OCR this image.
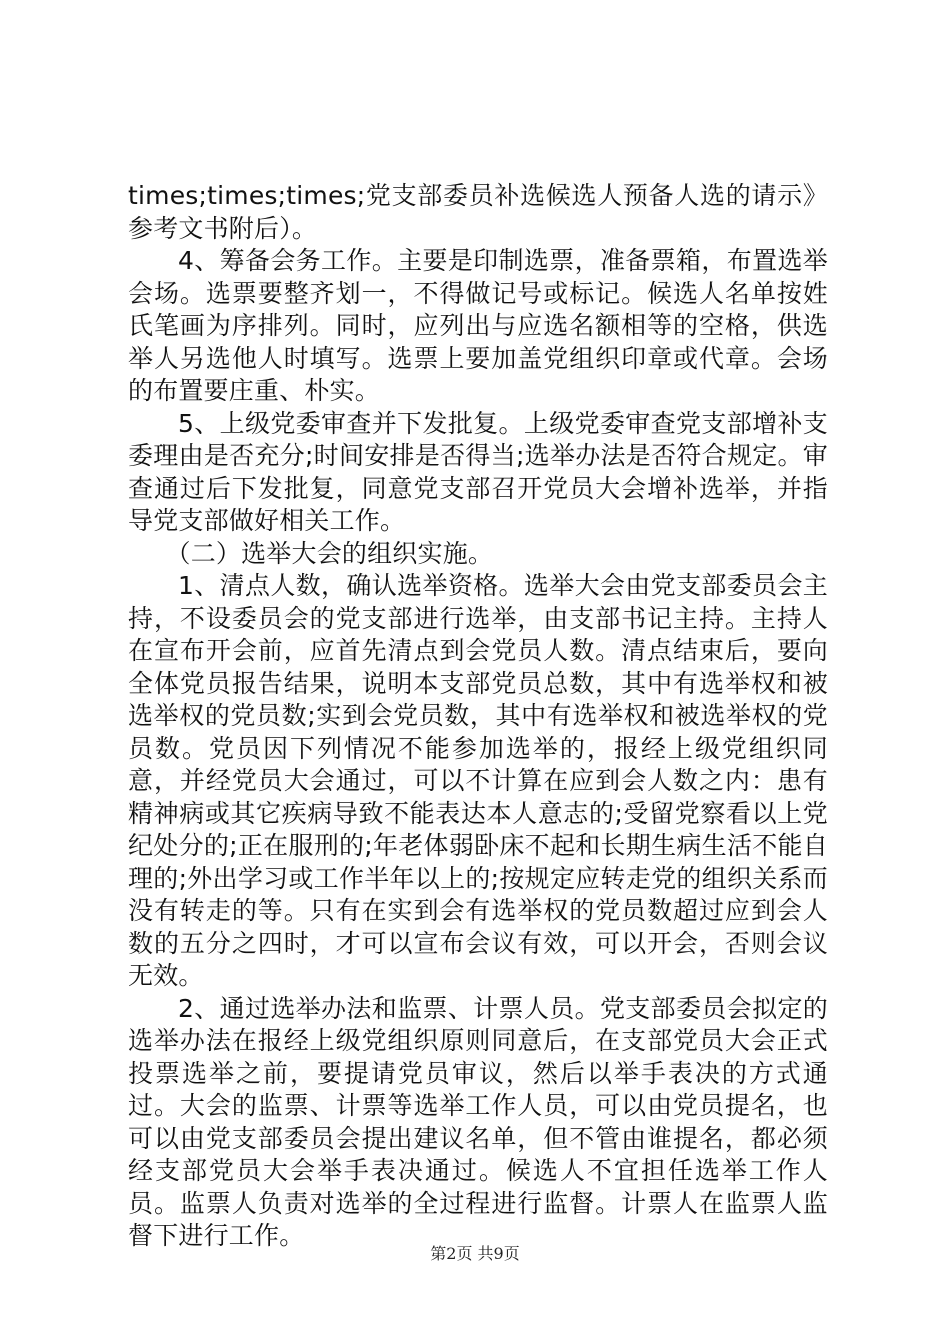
times;times;times;党支部委员补选候选人预备人选的请示》参考文书附后）。

4、筹备会务工作。主要是印制选票，准备票箱，布置选举会场。选票要整齐划一，不得做记号或标记。候选人名单按姓氏笔画为序排列。同时，应列出与应选名额相等的空格，供选举人另选他人时填写。选票上要加盖党组织印章或代章。会场的布置要庄重、朴实。

5、上级党委审查并下发批复。上级党委审查党支部增补支委理由是否充分;时间安排是否得当;选举办法是否符合规定。审查通过后下发批复，同意党支部召开党员大会增补选举，并指导党支部做好相关工作。

（二）选举大会的组织实施。

1、清点人数，确认选举资格。选举大会由党支部委员会主持，不设委员会的党支部进行选举，由支部书记主持。主持人在宣布开会前，应首先清点到会党员人数。清点结束后，要向全体党员报告结果，说明本支部党员总数，其中有选举权和被选举权的党员数;实到会党员数，其中有选举权和被选举权的党员数。党员因下列情况不能参加选举的，报经上级党组织同意，并经党员大会通过，可以不计算在应到会人数之内：患有精神病或其它疾病导致不能表达本人意志的;受留党察看以上党纪处分的;正在服刑的;年老体弱卧床不起和长期生病生活不能自理的;外出学习或工作半年以上的;按规定应转走党的组织关系而没有转走的等。只有在实到会有选举权的党员数超过应到会人数的五分之四时，才可以宣布会议有效，可以开会，否则会议无效。

2、通过选举办法和监票、计票人员。党支部委员会拟定的选举办法在报经上级党组织原则同意后，在支部党员大会正式投票选举之前，要提请党员审议，然后以举手表决的方式通过。大会的监票、计票等选举工作人员，可以由党员提名，也可以由党支部委员会提出建议名单，但不管由谁提名，都必须经支部党员大会举手表决通过。候选人不宜担任选举工作人员。监票人负责对选举的全过程进行监督。计票人在监票人监督下进行工作。

第2页 共9页
